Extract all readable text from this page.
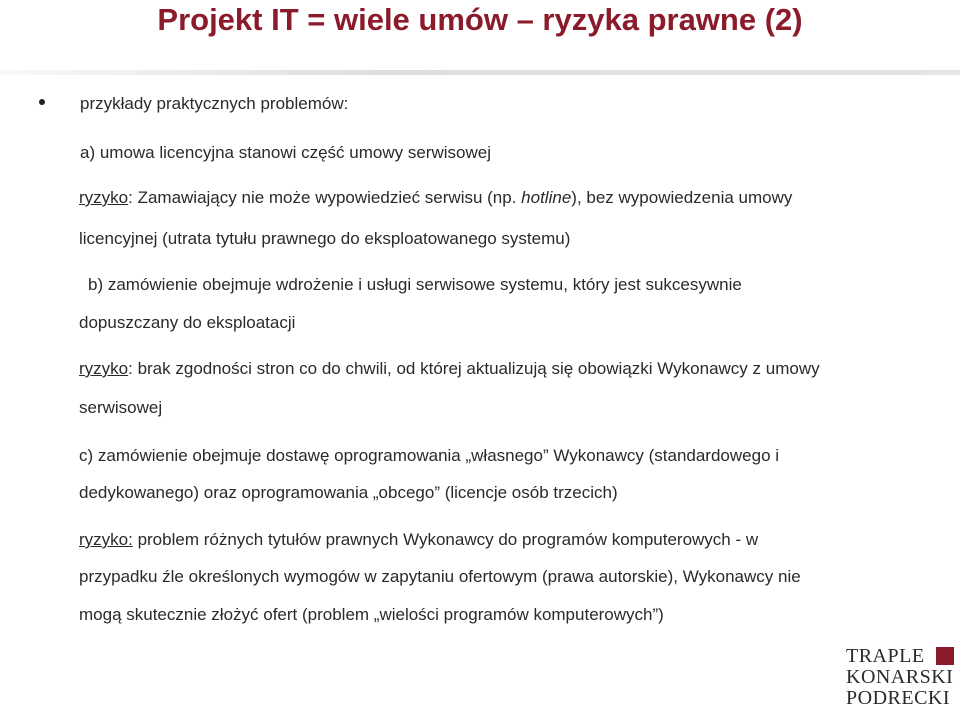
Projekt IT = wiele umów – ryzyka prawne (2)
przykłady praktycznych problemów:
a) umowa licencyjna stanowi część umowy serwisowej
ryzyko: Zamawiający nie może wypowiedzieć serwisu (np. hotline), bez wypowiedzenia umowy
licencyjnej (utrata tytułu prawnego do eksploatowanego systemu)
b) zamówienie obejmuje wdrożenie i usługi serwisowe systemu, który jest sukcesywnie
dopuszczany do eksploatacji
ryzyko: brak zgodności stron co do chwili, od której aktualizują się obowiązki Wykonawcy z umowy
serwisowej
c) zamówienie obejmuje dostawę oprogramowania „własnego” Wykonawcy (standardowego i
dedykowanego) oraz oprogramowania „obcego” (licencje osób trzecich)
ryzyko: problem różnych tytułów prawnych Wykonawcy do programów komputerowych - w
przypadku źle określonych wymogów w zapytaniu ofertowym (prawa autorskie), Wykonawcy nie
mogą skutecznie złożyć ofert (problem „wielości programów komputerowych”)
TRAPLE
KONARSKI
PODRECKI
